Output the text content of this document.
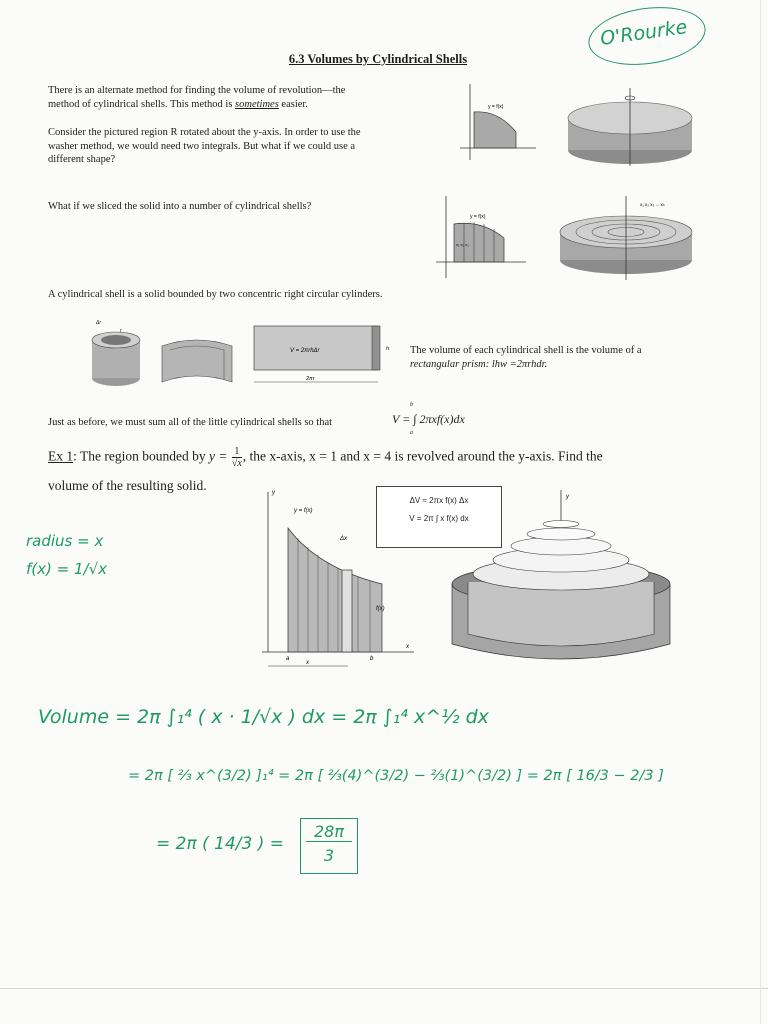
O'Rourke
6.3 Volumes by Cylindrical Shells
There is an alternate method for finding the volume of revolution—the
method of cylindrical shells. This method is sometimes easier.
Consider the pictured region R rotated about the y-axis. In order to use the
washer method, we would need two integrals. But what if we could use a
different shape?
y = f(x)
What if we sliced the solid into a number of cylindrical shells?
y = f(x)
x₁ x₂ x₃
x₁ x₂ x₃ ... xₙ
A cylindrical shell is a solid bounded by two concentric right circular cylinders.
V = 2πrhΔr
2πr
h
Δr
r
The volume of each cylindrical shell is the volume of a
rectangular prism: lhw =2πrhdr.
Just as before, we must sum all of the little cylindrical shells so that	V = ∫ 2πxf(x)dx
b
a
Ex 1: The region bounded by $y = \frac{1}{√x}$ , the x-axis, x = 1 and x = 4 is revolved around the y-axis. Find the
volume of the resulting solid.
radius = x
f(x) = 1/√x
y
x
y = f(x)
Δx
f(x)
a	b
x
ΔV ≈ 2πx f(x) Δx
V = 2π ∫ x f(x) dx
y
Volume = 2π ∫₁⁴ ( x · 1/√x ) dx = 2π ∫₁⁴ x^½ dx
= 2π [ ⅔ x^(3/2) ]₁⁴ = 2π [ ⅔(4)^(3/2) − ⅔(1)^(3/2) ] = 2π [ 16/3 − 2/3 ]
= 2π ( 14/3 ) =
28π
3
